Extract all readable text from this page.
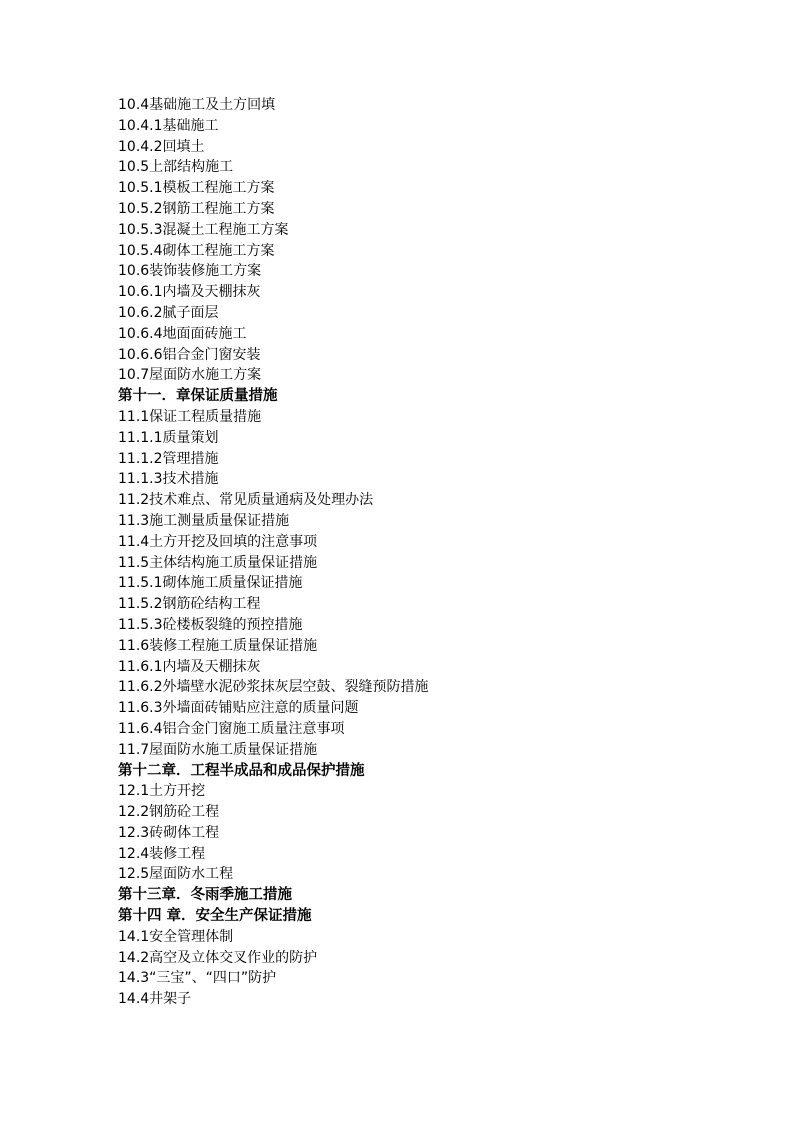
10.4基础施工及土方回填
10.4.1基础施工
10.4.2回填土
10.5上部结构施工
10.5.1模板工程施工方案
10.5.2钢筋工程施工方案
10.5.3混凝土工程施工方案
10.5.4砌体工程施工方案
10.6装饰装修施工方案
10.6.1内墙及天棚抹灰
10.6.2腻子面层
10.6.4地面面砖施工
10.6.6铝合金门窗安装
10.7屋面防水施工方案
第十一．章保证质量措施
11.1保证工程质量措施
11.1.1质量策划
11.1.2管理措施
11.1.3技术措施
11.2技术难点、常见质量通病及处理办法
11.3施工测量质量保证措施
11.4土方开挖及回填的注意事项
11.5主体结构施工质量保证措施
11.5.1砌体施工质量保证措施
11.5.2钢筋砼结构工程
11.5.3砼楼板裂缝的预控措施
11.6装修工程施工质量保证措施
11.6.1内墙及天棚抹灰
11.6.2外墙壁水泥砂浆抹灰层空鼓、裂缝预防措施
11.6.3外墙面砖铺贴应注意的质量问题
11.6.4铝合金门窗施工质量注意事项
11.7屋面防水施工质量保证措施
第十二章．工程半成品和成品保护措施
12.1土方开挖
12.2钢筋砼工程
12.3砖砌体工程
12.4装修工程
12.5屋面防水工程
第十三章．冬雨季施工措施
第十四 章．安全生产保证措施
14.1安全管理体制
14.2高空及立体交叉作业的防护
14.3“三宝”、“四口”防护
14.4井架子
